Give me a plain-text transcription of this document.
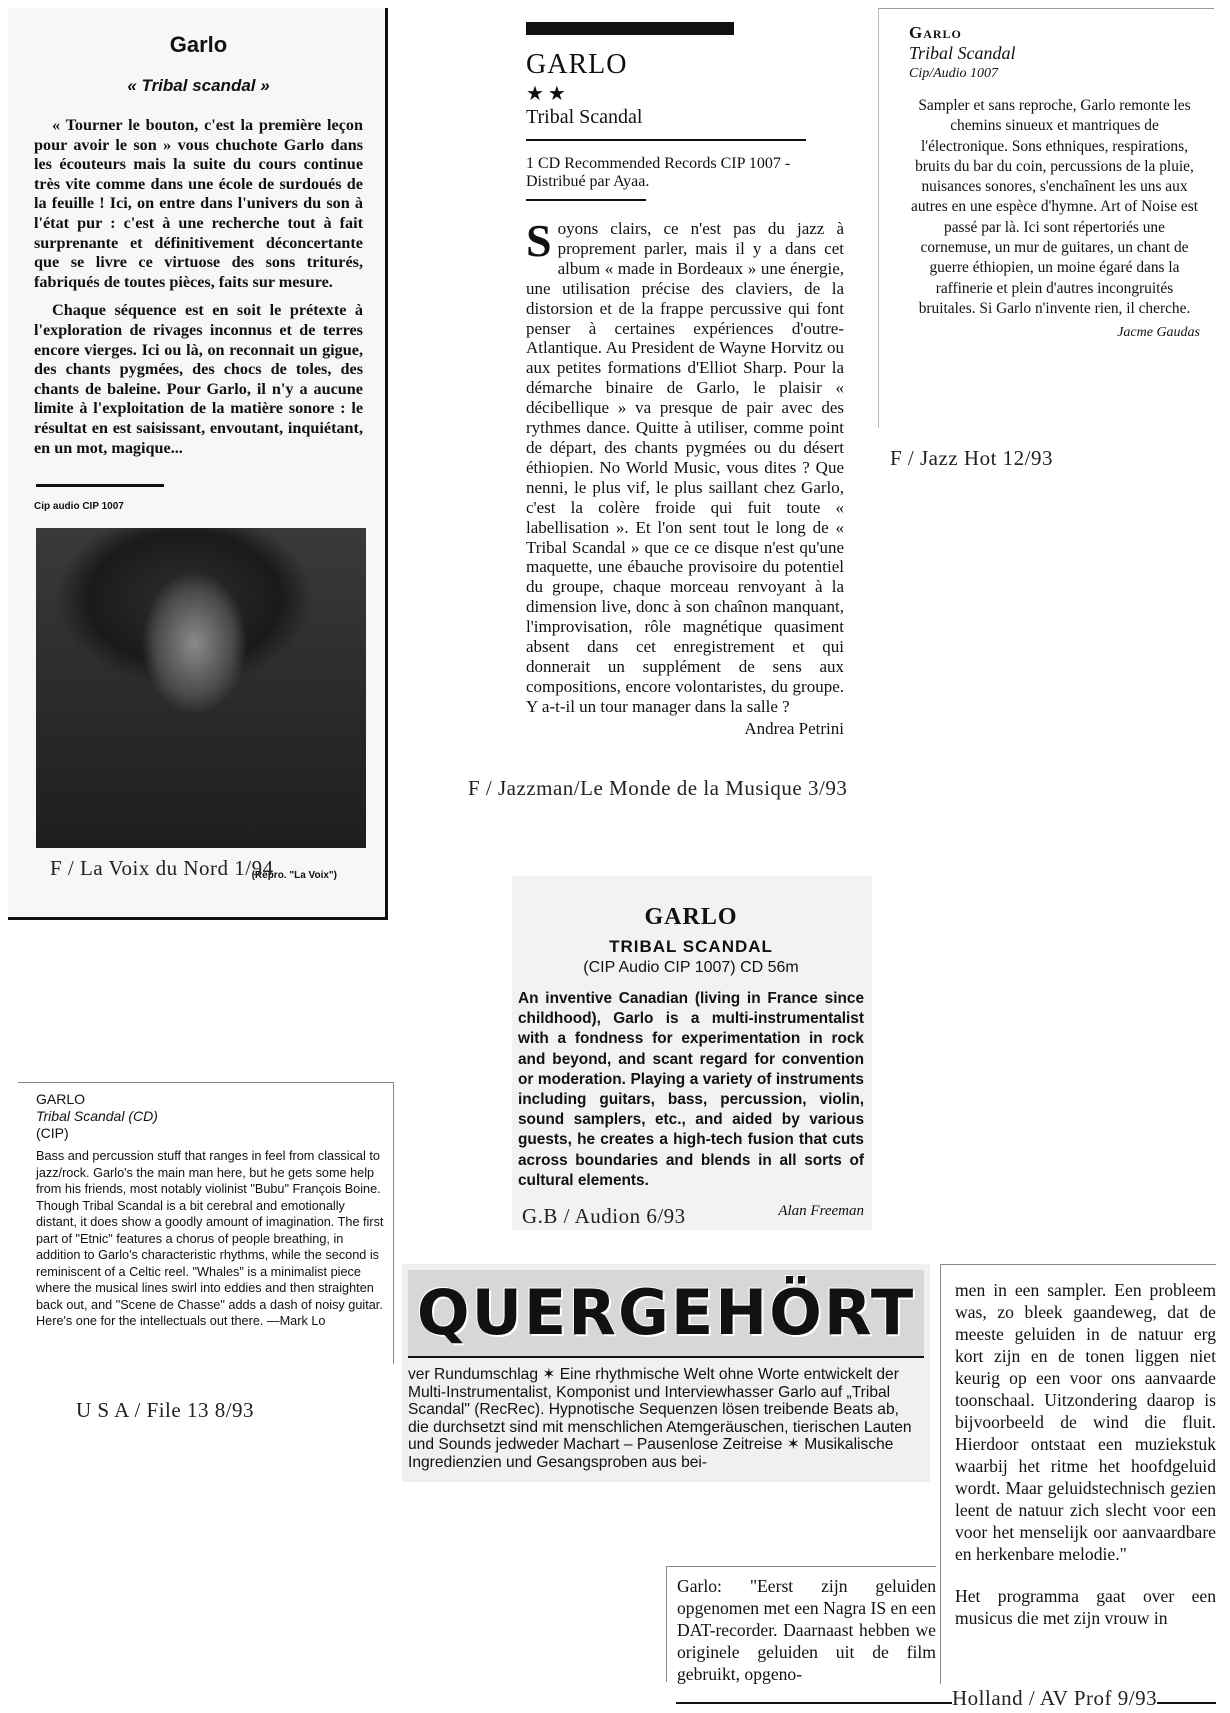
Garlo
« Tribal scandal »

« Tourner le bouton, c'est la première leçon pour avoir le son » vous chuchote Garlo dans les écouteurs mais la suite du cours continue très vite comme dans une école de surdoués de la feuille ! Ici, on entre dans l'univers du son à l'état pur : c'est à une recherche tout à fait surprenante et définitivement déconcertante que se livre ce virtuose des sons triturés, fabriqués de toutes pièces, faits sur mesure.

Chaque séquence est en soit le prétexte à l'exploration de rivages inconnus et de terres encore vierges. Ici ou là, on reconnait un gigue, des chants pygmées, des chocs de toles, des chants de baleine. Pour Garlo, il n'y a aucune limite à l'exploitation de la matière sonore : le résultat en est saisissant, envoutant, inquiétant, en un mot, magique...

Cip audio CIP 1007
(Repro. "La Voix")
F / La Voix du Nord 1/94
GARLO
★★
Tribal Scandal
1 CD Recommended Records CIP 1007 - Distribué par Ayaa.
Soyons clairs, ce n'est pas du jazz à proprement parler, mais il y a dans cet album « made in Bordeaux » une énergie, une utilisation précise des claviers, de la distorsion et de la frappe percussive qui font penser à certaines expériences d'outre-Atlantique. Au President de Wayne Horvitz ou aux petites formations d'Elliot Sharp. Pour la démarche binaire de Garlo, le plaisir « décibellique » va presque de pair avec des rythmes dance. Quitte à utiliser, comme point de départ, des chants pygmées ou du désert éthiopien. No World Music, vous dites ? Que nenni, le plus vif, le plus saillant chez Garlo, c'est la colère froide qui fuit toute « labellisation ». Et l'on sent tout le long de « Tribal Scandal » que ce ce disque n'est qu'une maquette, une ébauche provisoire du potentiel du groupe, chaque morceau renvoyant à la dimension live, donc à son chaînon manquant, l'improvisation, rôle magnétique quasiment absent dans cet enregistrement et qui donnerait un supplément de sens aux compositions, encore volontaristes, du groupe. Y a-t-il un tour manager dans la salle ?
Andrea Petrini
F / Jazzman/Le Monde de la Musique 3/93
Garlo
Tribal Scandal
Cip/Audio 1007
Sampler et sans reproche, Garlo remonte les chemins sinueux et mantriques de l'électronique. Sons ethniques, respirations, bruits du bar du coin, percussions de la pluie, nuisances sonores, s'enchaînent les uns aux autres en une espèce d'hymne. Art of Noise est passé par là. Ici sont répertoriés une cornemuse, un mur de guitares, un chant de guerre éthiopien, un moine égaré dans la raffinerie et plein d'autres incongruités bruitales. Si Garlo n'invente rien, il cherche.
Jacme Gaudas
F / Jazz Hot 12/93
GARLO
TRIBAL SCANDAL
(CIP Audio CIP 1007) CD 56m
An inventive Canadian (living in France since childhood), Garlo is a multi-instrumentalist with a fondness for experimentation in rock and beyond, and scant regard for convention or moderation. Playing a variety of instruments including guitars, bass, percussion, violin, sound samplers, etc., and aided by various guests, he creates a high-tech fusion that cuts across boundaries and blends in all sorts of cultural elements.
Alan Freeman
G.B / Audion 6/93
GARLO
Tribal Scandal (CD)
(CIP)
Bass and percussion stuff that ranges in feel from classical to jazz/rock. Garlo's the main man here, but he gets some help from his friends, most notably violinist "Bubu" François Boine. Though Tribal Scandal is a bit cerebral and emotionally distant, it does show a goodly amount of imagination. The first part of "Etnic" features a chorus of people breathing, in addition to Garlo's characteristic rhythms, while the second is reminiscent of a Celtic reel. "Whales" is a minimalist piece where the musical lines swirl into eddies and then straighten back out, and "Scene de Chasse" adds a dash of noisy guitar. Here's one for the intellectuals out there. —Mark Lo
U S A / File 13 8/93
QUERGEHÖRT
ver Rundumschlag ✶ Eine rhythmische Welt ohne Worte entwickelt der Multi-Instrumentalist, Komponist und Interviewhasser Garlo auf „Tribal Scandal" (RecRec). Hypnotische Sequenzen lösen treibende Beats ab, die durchsetzt sind mit menschlichen Atemgeräuschen, tierischen Lauten und Sounds jedweder Machart – Pausenlose Zeitreise ✶ Musikalische Ingredienzien und Gesangsproben aus bei-

men in een sampler. Een probleem was, zo bleek gaandeweg, dat de meeste geluiden in de natuur erg kort zijn en de tonen liggen niet keurig op een voor ons aanvaarde toonschaal. Uitzondering daarop is bijvoorbeeld de wind die fluit. Hierdoor ontstaat een muziekstuk waarbij het ritme het hoofdgeluid wordt. Maar geluidstechnisch gezien leent de natuur zich slecht voor een voor het menselijk oor aanvaardbare en herkenbare melodie."

Het programma gaat over een musicus die met zijn vrouw in

Garlo: "Eerst zijn geluiden opgenomen met een Nagra IS en een DAT-recorder. Daarnaast hebben we originele geluiden uit de film gebruikt, opgeno-
Holland / AV Prof 9/93
